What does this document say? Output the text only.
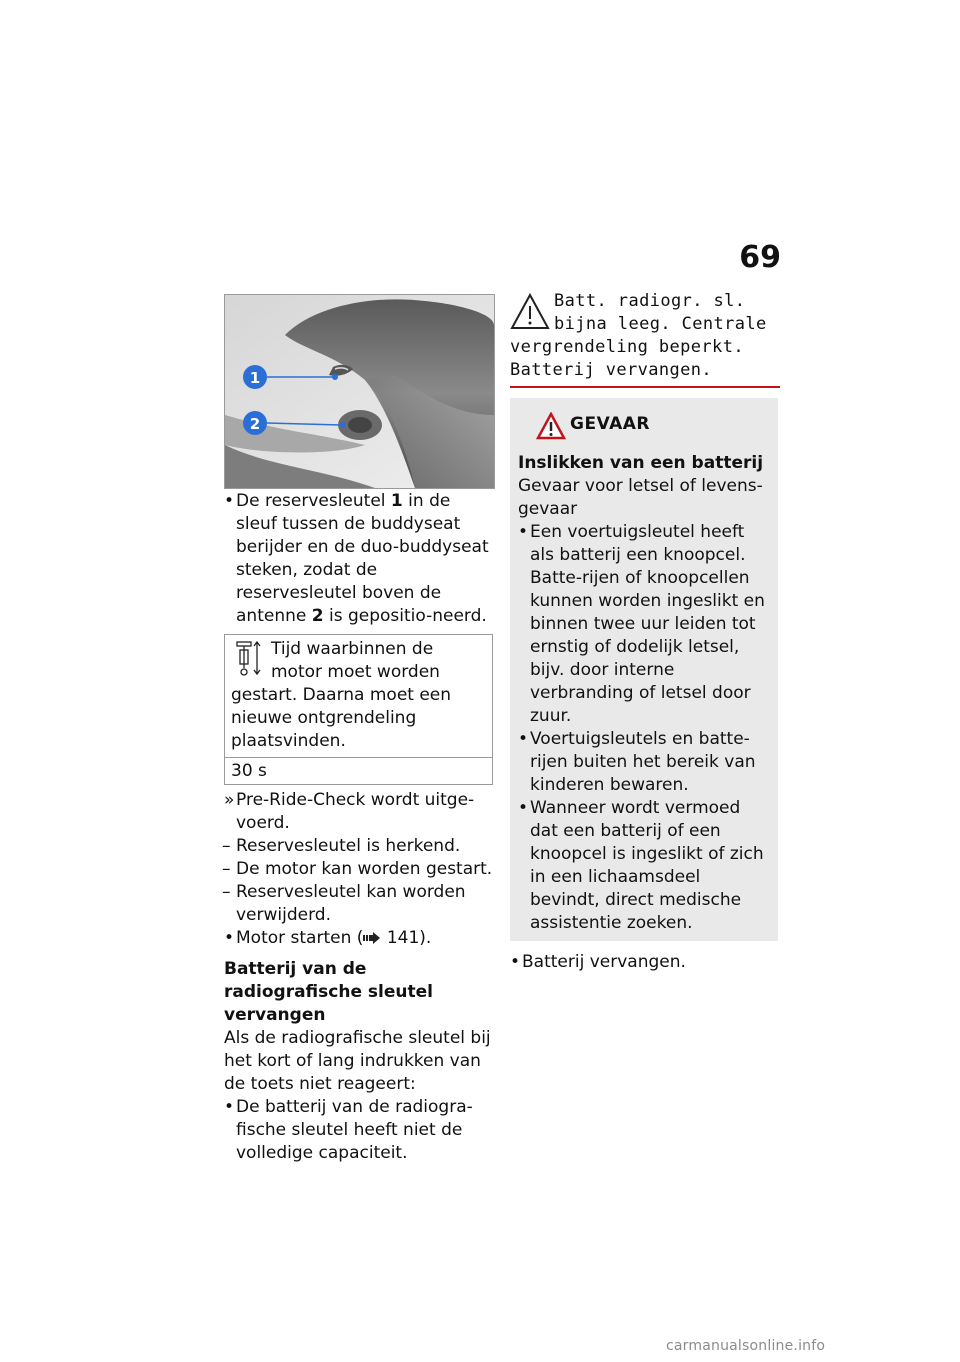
69
1
2
• De reservesleutel 1 in de sleuf tussen de buddyseat berijder en de duo-buddyseat steken, zodat de reservesleutel boven de antenne 2 is gepositio-neerd.
Tijd waarbinnen de motor moet worden gestart. Daarna moet een nieuwe ontgrendeling plaatsvinden.
30 s
» Pre-Ride-Check wordt uitge-voerd.
– Reservesleutel is herkend.
– De motor kan worden gestart.
– Reservesleutel kan worden verwijderd.
• Motor starten ( 141).
Batterij van de radiografische sleutel vervangen
Als de radiografische sleutel bij het kort of lang indrukken van de toets niet reageert:
• De batterij van de radiogra-fische sleutel heeft niet de volledige capaciteit.
Batt. radiogr. sl. bijna leeg. Centrale vergrendeling beperkt. Batterij vervangen.
GEVAAR
Inslikken van een batterij
Gevaar voor letsel of levens-gevaar
• Een voertuigsleutel heeft als batterij een knoopcel. Batte-rijen of knoopcellen kunnen worden ingeslikt en binnen twee uur leiden tot ernstig of dodelijk letsel, bijv. door interne verbranding of letsel door zuur.
• Voertuigsleutels en batte-rijen buiten het bereik van kinderen bewaren.
• Wanneer wordt vermoed dat een batterij of een knoopcel is ingeslikt of zich in een lichaamsdeel bevindt, direct medische assistentie zoeken.
• Batterij vervangen.
carmanualsonline.info
